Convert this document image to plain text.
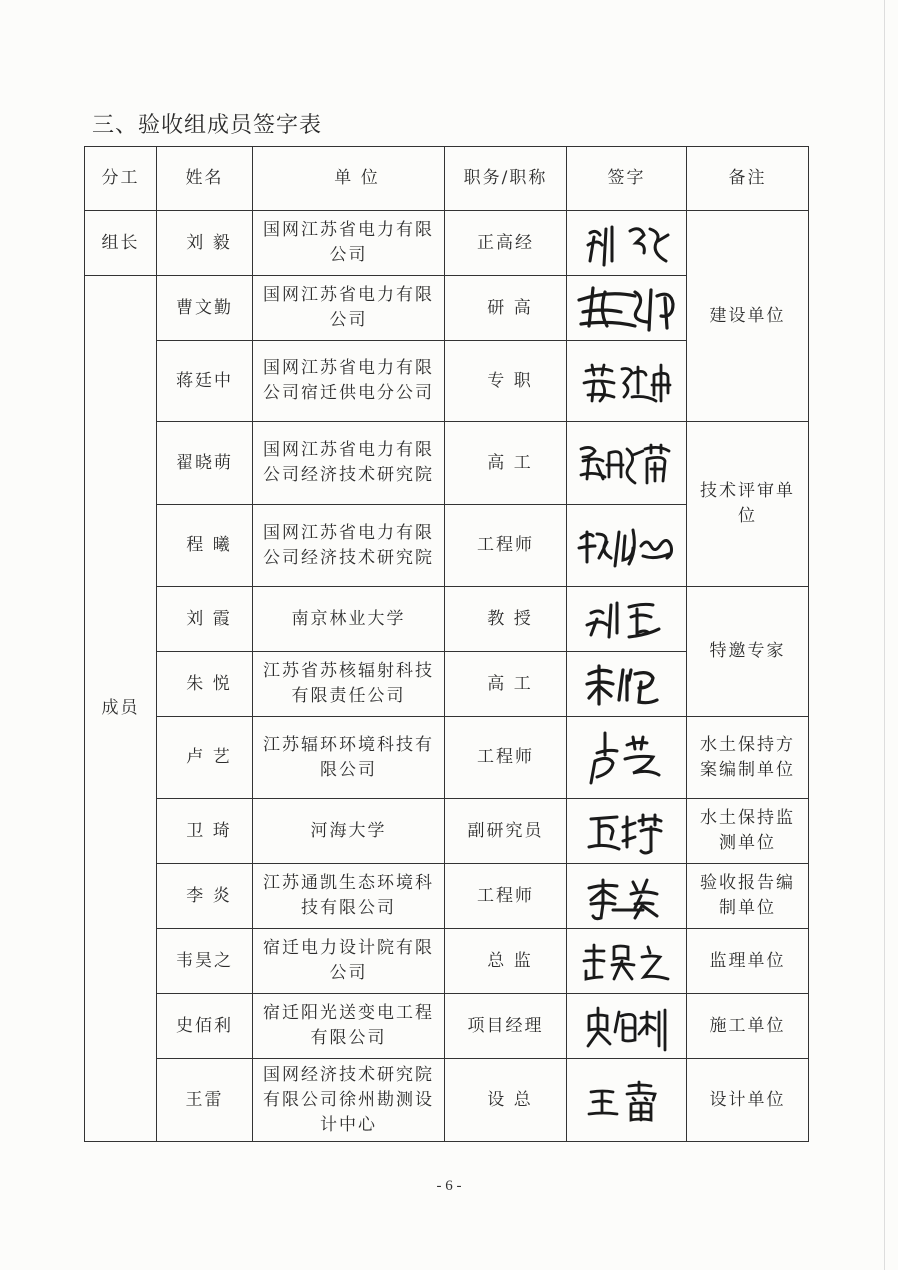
三、验收组成员签字表
分工	姓名	单 位	职务/职称	签字	备注
组长	刘 毅	国网江苏省电力有限公司	正高经		建设单位
成员	曹文勤	国网江苏省电力有限公司	研 高	

	蒋廷中	国网江苏省电力有限公司宿迁供电分公司	专 职	

	翟晓萌	国网江苏省电力有限公司经济技术研究院	高 工		技术评审单位
	程 曦	国网江苏省电力有限公司经济技术研究院	工程师	

	刘 霞	南京林业大学	教 授		特邀专家
	朱 悦	江苏省苏核辐射科技有限责任公司	高 工	

	卢 艺	江苏辐环环境科技有限公司	工程师		水土保持方案编制单位
	卫 琦	河海大学	副研究员		水土保持监测单位
	李 炎	江苏通凯生态环境科技有限公司	工程师		验收报告编制单位
	韦昊之	宿迁电力设计院有限公司	总 监		监理单位
	史佰利	宿迁阳光送变电工程有限公司	项目经理		施工单位
	王雷	国网经济技术研究院有限公司徐州勘测设计中心	设 总		设计单位
- 6 -
